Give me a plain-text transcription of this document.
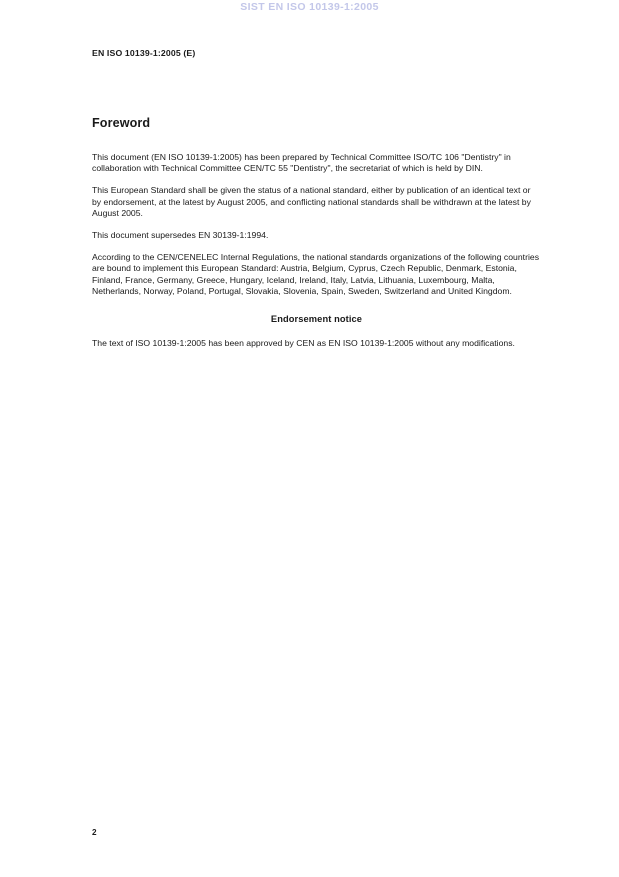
SIST EN ISO 10139-1:2005
EN ISO 10139-1:2005 (E)
Foreword

This document (EN ISO 10139-1:2005) has been prepared by Technical Committee ISO/TC 106 "Dentistry" in collaboration with Technical Committee CEN/TC 55 "Dentistry", the secretariat of which is held by DIN.

This European Standard shall be given the status of a national standard, either by publication of an identical text or by endorsement, at the latest by August 2005, and conflicting national standards shall be withdrawn at the latest by August 2005.

This document supersedes EN 30139-1:1994.

According to the CEN/CENELEC Internal Regulations, the national standards organizations of the following countries are bound to implement this European Standard: Austria, Belgium, Cyprus, Czech Republic, Denmark, Estonia, Finland, France, Germany, Greece, Hungary, Iceland, Ireland, Italy, Latvia, Lithuania, Luxembourg, Malta, Netherlands, Norway, Poland, Portugal, Slovakia, Slovenia, Spain, Sweden, Switzerland and United Kingdom.

Endorsement notice

The text of ISO 10139-1:2005 has been approved by CEN as EN ISO 10139-1:2005 without any modifications.

2
